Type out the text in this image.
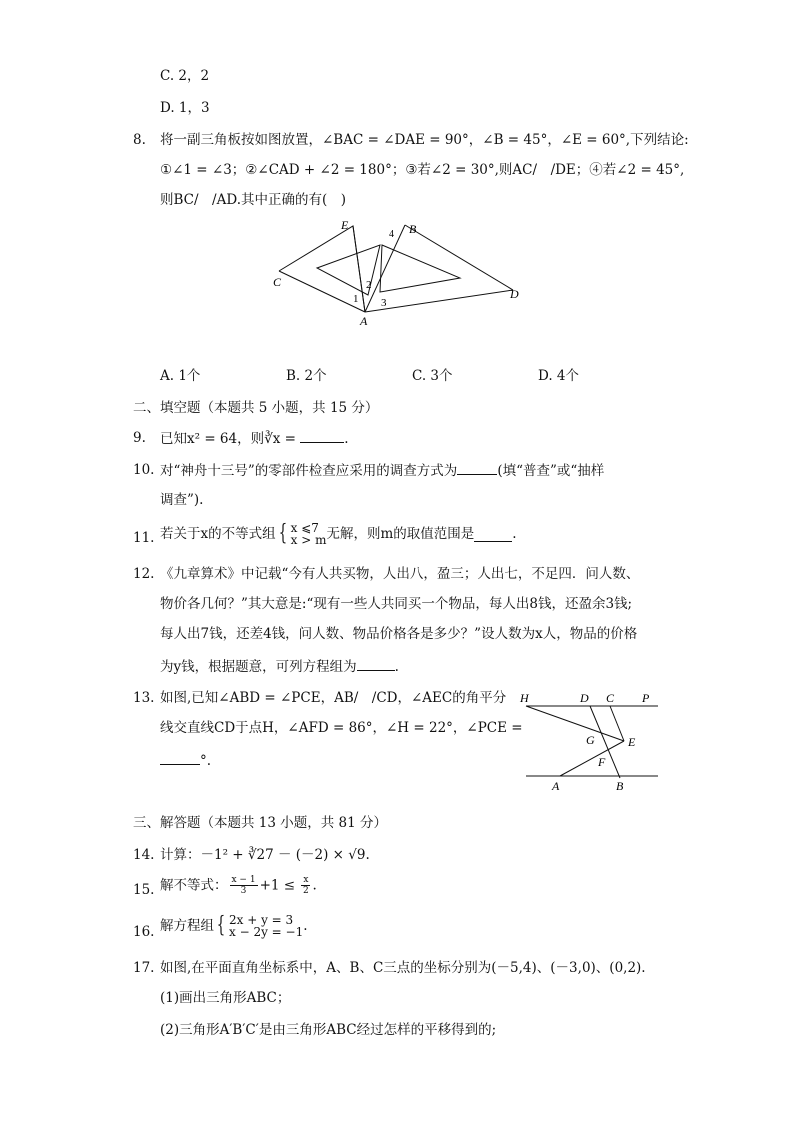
C. 2，2
D. 1，3
8. 将一副三角板按如图放置，∠BAC = ∠DAE = 90°，∠B = 45°，∠E = 60°,下列结论:
①∠1 = ∠3；②∠CAD + ∠2 = 180°；③若∠2 = 30°,则AC/　/DE；④若∠2 = 45°,
则BC/　/AD.其中正确的有(　)
E	B
4
C
D
2
1 3
A
A. 1个	B. 2个	C. 3个	D. 4个
二、填空题（本题共 5 小题，共 15 分）
9. 已知x² = 64，则∛x =	.
10. 对“神舟十三号”的零部件检查应采用的调查方式为	(填“普查”或“抽样
调查”).
11. 若关于x的不等式组 { x ⩽7
x > m 无解，则m的取值范围是	.
12. 《九章算术》中记载“今有人共买物，人出八，盈三；人出七，不足四．问人数、
物价各几何？”其大意是:“现有一些人共同买一个物品，每人出8钱，还盈余3钱;
每人出7钱，还差4钱，问人数、物品价格各是多少？”设人数为x人，物品的价格
为y钱，根据题意，可列方程组为	.
13. 如图,已知∠ABD = ∠PCE，AB/　/CD，∠AEC的角平分
线交直线CD于点H，∠AFD = 86°，∠H = 22°，∠PCE =
°.
H	D C P
G	E
F
A	B
三、解答题（本题共 13 小题，共 81 分）
14. 计算：－1² + ∛27 － (－2) × √9.
15. 解不等式： $\frac{x - 1}{3} +1 \le \frac{x}{2}$ .
16. 解方程组 { 2x + y = 3
x − 2y = −1 .
17. 如图,在平面直角坐标系中，A、B、C三点的坐标分别为(－5,4)、(－3,0)、(0,2).
(1)画出三角形ABC；
(2)三角形A′B′C′是由三角形ABC经过怎样的平移得到的;
